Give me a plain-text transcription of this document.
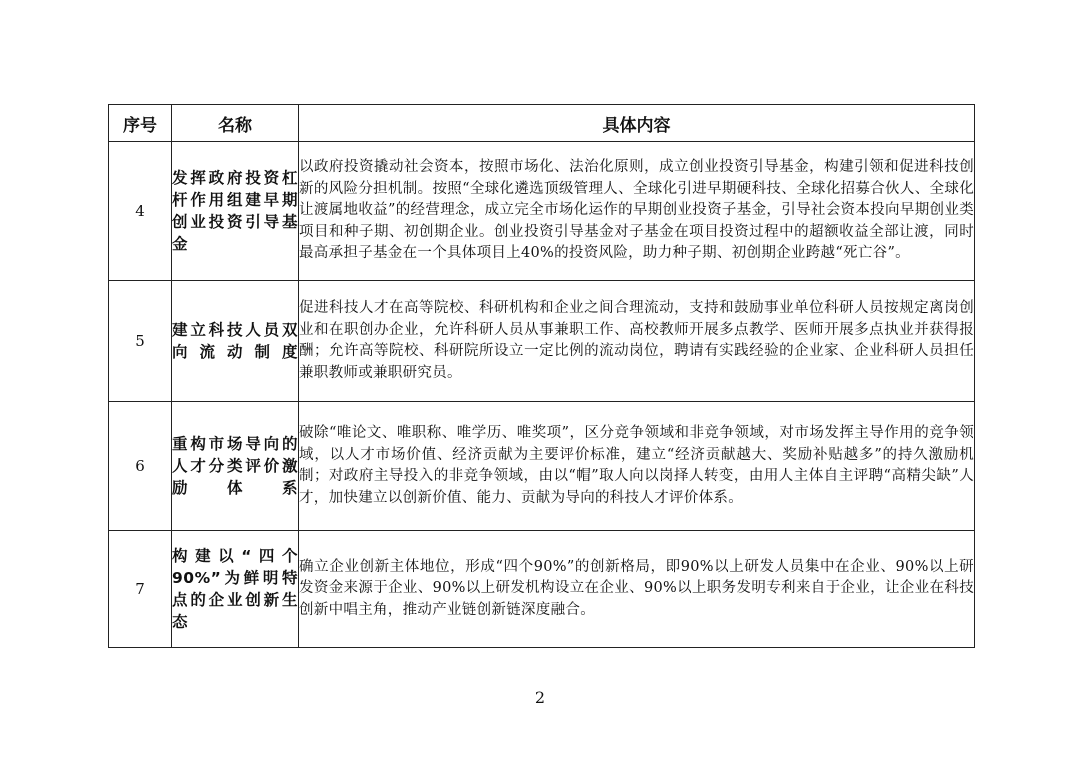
序号	名称	具体内容
4	发挥政府投资杠杆作用组建早期创业投资引导基金	以政府投资撬动社会资本，按照市场化、法治化原则，成立创业投资引导基金，构建引领和促进科技创新的风险分担机制。按照“全球化遴选顶级管理人、全球化引进早期硬科技、全球化招募合伙人、全球化让渡属地收益”的经营理念，成立完全市场化运作的早期创业投资子基金，引导社会资本投向早期创业类项目和种子期、初创期企业。创业投资引导基金对子基金在项目投资过程中的超额收益全部让渡，同时最高承担子基金在一个具体项目上40%的投资风险，助力种子期、初创期企业跨越“死亡谷”。

5	建立科技人员双向流动制度	促进科技人才在高等院校、科研机构和企业之间合理流动，支持和鼓励事业单位科研人员按规定离岗创业和在职创办企业，允许科研人员从事兼职工作、高校教师开展多点教学、医师开展多点执业并获得报酬；允许高等院校、科研院所设立一定比例的流动岗位，聘请有实践经验的企业家、企业科研人员担任兼职教师或兼职研究员。

6	重构市场导向的人才分类评价激励体系	破除“唯论文、唯职称、唯学历、唯奖项”，区分竞争领域和非竞争领域，对市场发挥主导作用的竞争领域，以人才市场价值、经济贡献为主要评价标准，建立“经济贡献越大、奖励补贴越多”的持久激励机制；对政府主导投入的非竞争领域，由以“帽”取人向以岗择人转变，由用人主体自主评聘“高精尖缺”人才，加快建立以创新价值、能力、贡献为导向的科技人才评价体系。

7	构建以“四个90%”为鲜明特点的企业创新生态	确立企业创新主体地位，形成“四个90%”的创新格局，即90%以上研发人员集中在企业、90%以上研发资金来源于企业、90%以上研发机构设立在企业、90%以上职务发明专利来自于企业，让企业在科技创新中唱主角，推动产业链创新链深度融合。
2
